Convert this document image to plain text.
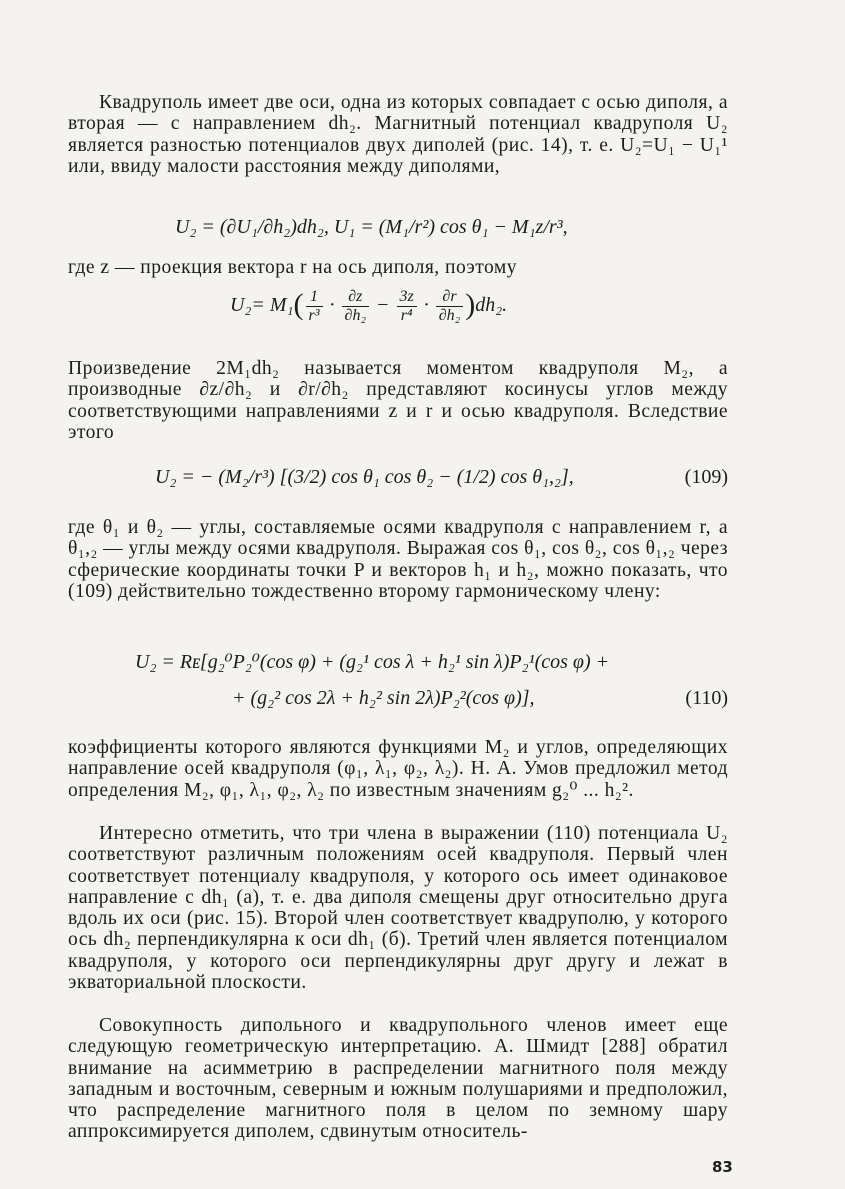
Квадруполь имеет две оси, одна из которых совпадает с осью диполя, а вторая — с направлением dh₂. Магнитный потенциал квадруполя U₂ является разностью потенциалов двух диполей (рис. 14), т. е. U₂=U₁ − U₁¹ или, ввиду малости расстояния между диполями,
U₂ = (∂U₁/∂h₂)dh₂, U₁ = (M₁/r²) cos θ₁ − M₁z/r³,
где z — проекция вектора r на ось диполя, поэтому
$U_2= M_1( \frac{1}{\text{r³}} \cdot \frac{\partial z}{\text{∂h₂}} - \frac{3z}{\text{r⁴}} \cdot \frac{\partial r}{\text{∂h₂}} )dh_2$.
Произведение 2M₁dh₂ называется моментом квадруполя M₂, а производные ∂z/∂h₂ и ∂r/∂h₂ представляют косинусы углов между соответствующими направлениями z и r и осью квадруполя. Вследствие этого
U₂ = − (M₂/r³) [(3/2) cos θ₁ cos θ₂ − (1/2) cos θ₁,₂],	(109)
где θ₁ и θ₂ — углы, составляемые осями квадруполя с направлением r, а θ₁,₂ — углы между осями квадруполя. Выражая cos θ₁, cos θ₂, cos θ₁,₂ через сферические координаты точки P и векторов h₁ и h₂, можно показать, что (109) действительно тождественно второму гармоническому члену:
U₂ = Rᴇ[g₂⁰P₂⁰(cos φ) + (g₂¹ cos λ + h₂¹ sin λ)P₂¹(cos φ) +
+ (g₂² cos 2λ + h₂² sin 2λ)P₂²(cos φ)],	(110)
коэффициенты которого являются функциями M₂ и углов, определяющих направление осей квадруполя (φ₁, λ₁, φ₂, λ₂). Н. А. Умов предложил метод определения M₂, φ₁, λ₁, φ₂, λ₂ по известным значениям g₂⁰ ... h₂².
Интересно отметить, что три члена в выражении (110) потенциала U₂ соответствуют различным положениям осей квадруполя. Первый член соответствует потенциалу квадруполя, у которого ось имеет одинаковое направление с dh₁ (а), т. е. два диполя смещены друг относительно друга вдоль их оси (рис. 15). Второй член соответствует квадруполю, у которого ось dh₂ перпендикулярна к оси dh₁ (б). Третий член является потенциалом квадруполя, у которого оси перпендикулярны друг другу и лежат в экваториальной плоскости.
Совокупность дипольного и квадрупольного членов имеет еще следующую геометрическую интерпретацию. А. Шмидт [288] обратил внимание на асимметрию в распределении магнитного поля между западным и восточным, северным и южным полушариями и предположил, что распределение магнитного поля в целом по земному шару аппроксимируется диполем, сдвинутым относитель-
83
